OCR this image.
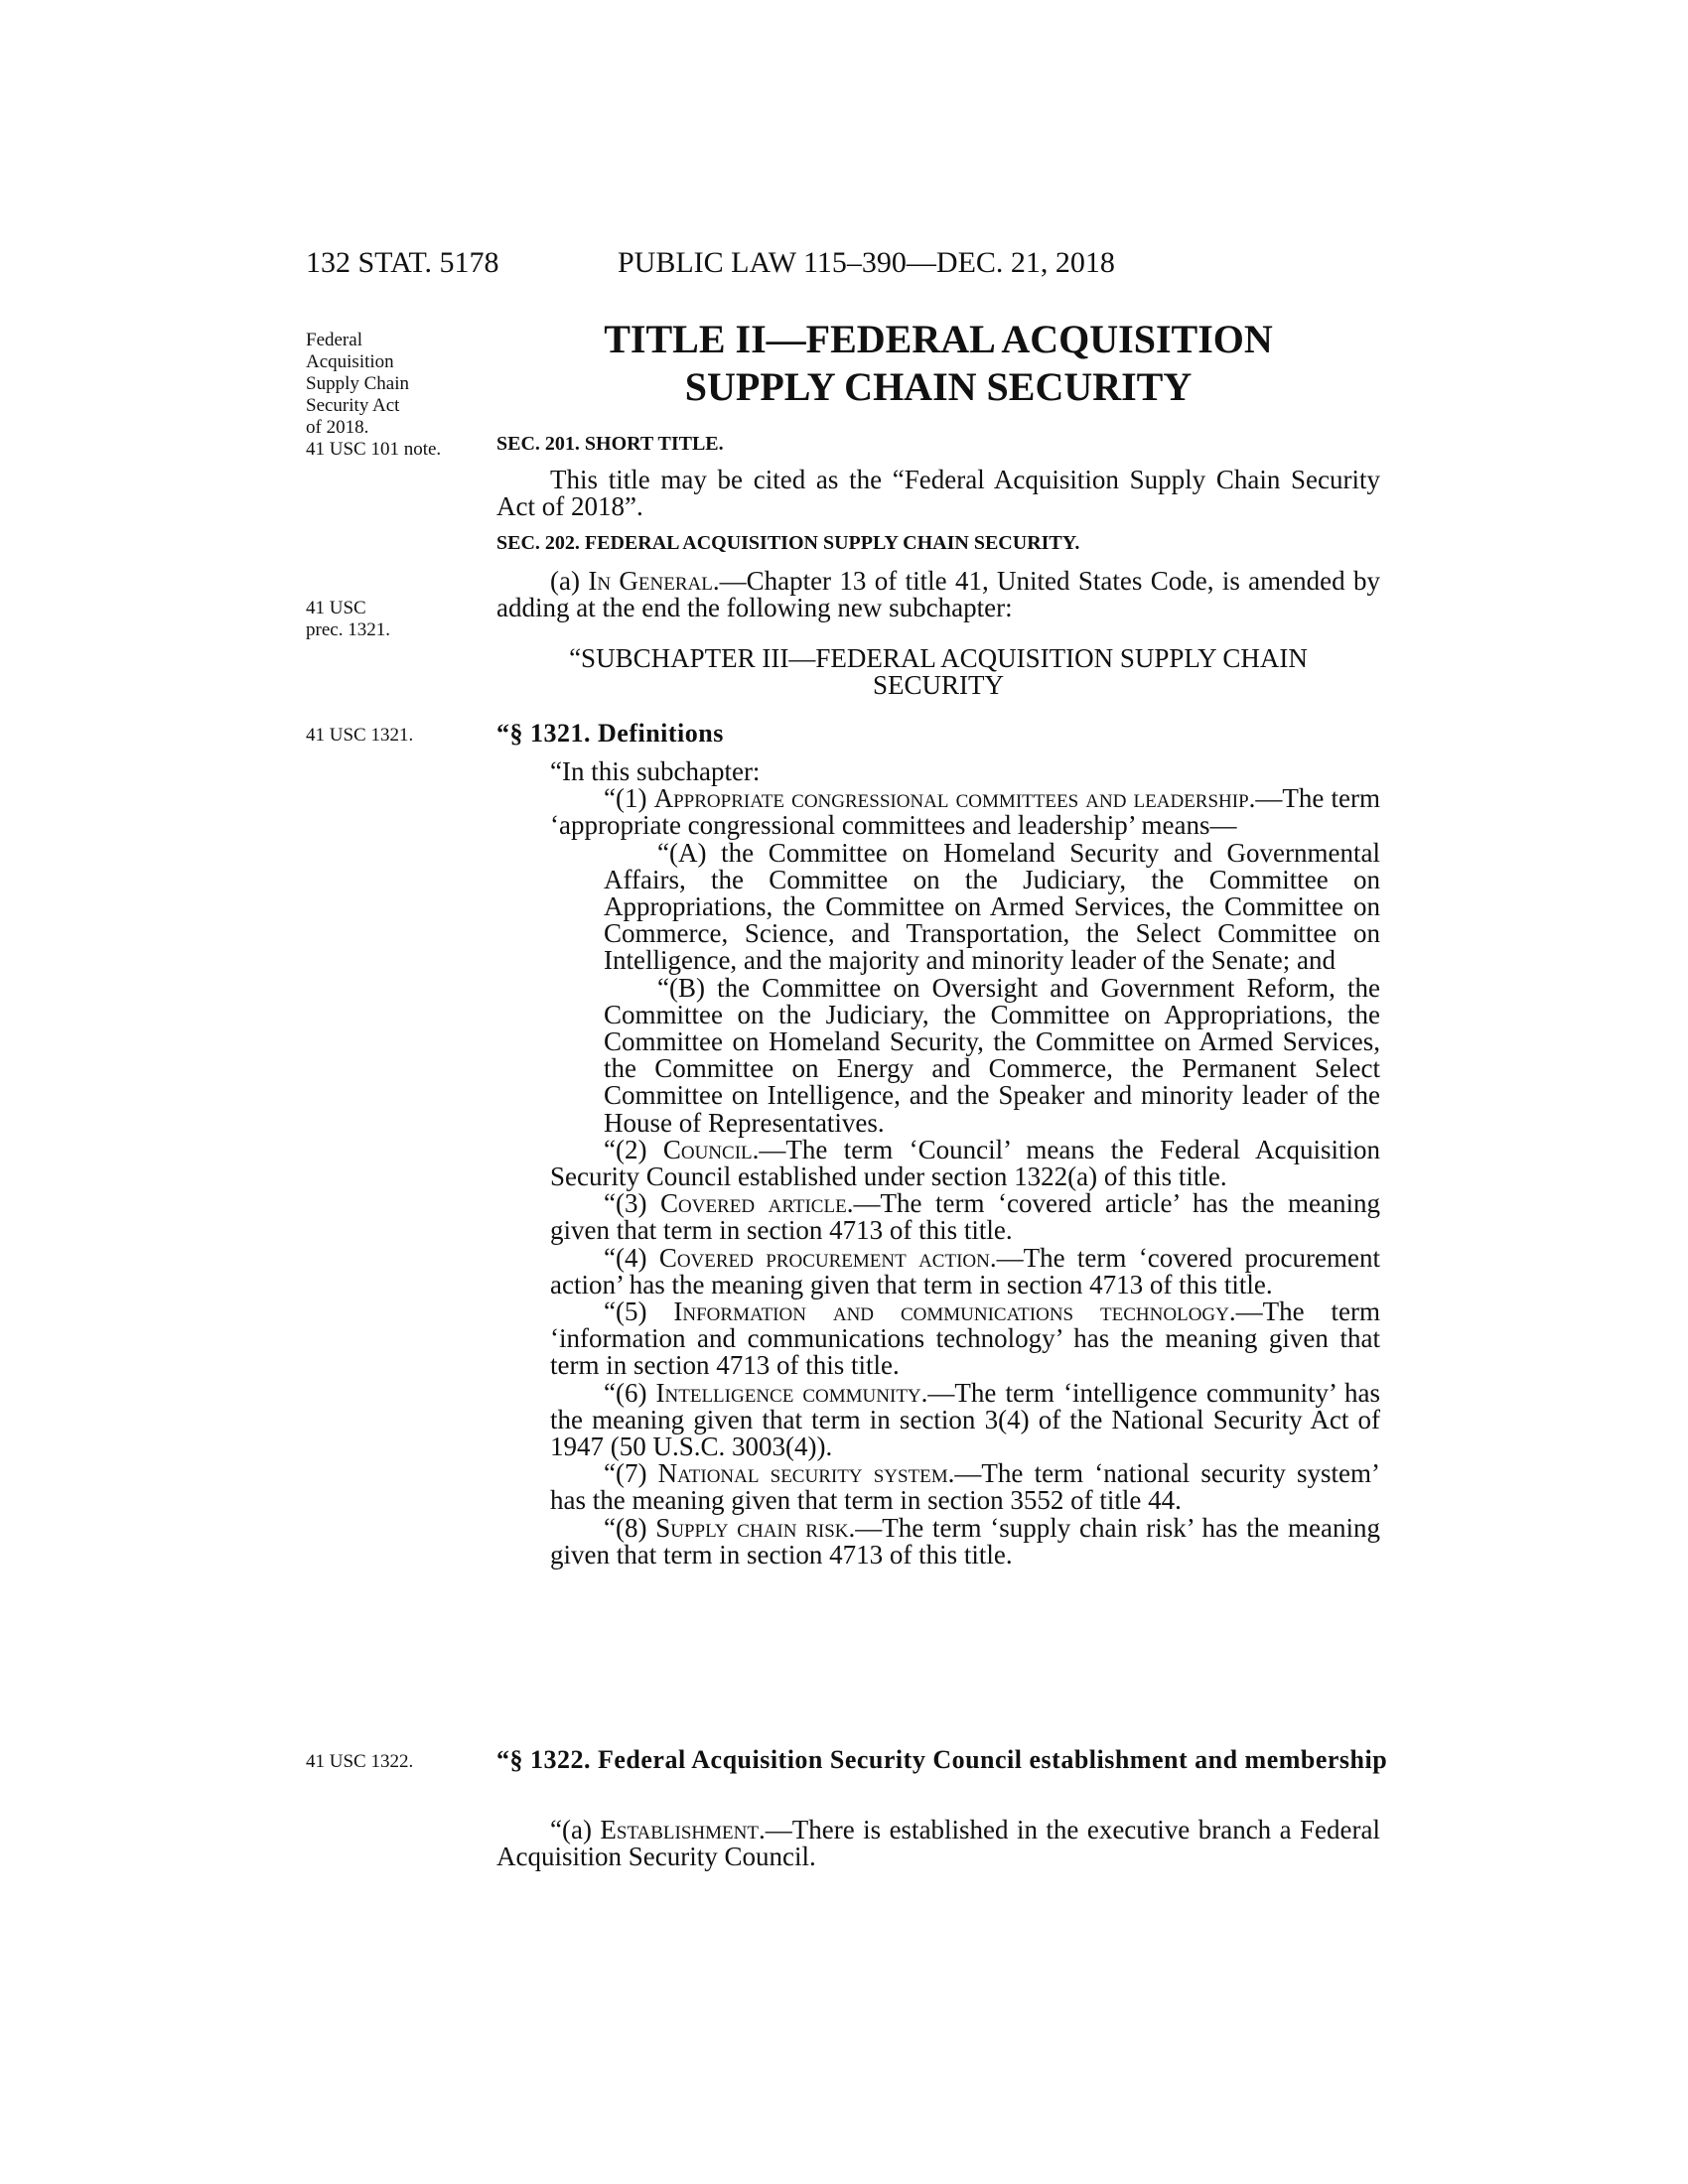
132 STAT. 5178	PUBLIC LAW 115–390—DEC. 21, 2018
Federal
Acquisition
Supply Chain
Security Act
of 2018.
41 USC 101 note.
41 USC
prec. 1321.
41 USC 1321.
41 USC 1322.
TITLE II—FEDERAL ACQUISITION
SUPPLY CHAIN SECURITY
SEC. 201. SHORT TITLE.
This title may be cited as the “Federal Acquisition Supply Chain Security Act of 2018”.
SEC. 202. FEDERAL ACQUISITION SUPPLY CHAIN SECURITY.
(a) In General.—Chapter 13 of title 41, United States Code, is amended by adding at the end the following new subchapter:
“SUBCHAPTER III—FEDERAL ACQUISITION SUPPLY CHAIN
SECURITY
“§ 1321. Definitions
“In this subchapter:
“(1) Appropriate congressional committees and leadership.—The term ‘appropriate congressional committees and leadership’ means—
“(A) the Committee on Homeland Security and Governmental Affairs, the Committee on the Judiciary, the Committee on Appropriations, the Committee on Armed Services, the Committee on Commerce, Science, and Transportation, the Select Committee on Intelligence, and the majority and minority leader of the Senate; and
“(B) the Committee on Oversight and Government Reform, the Committee on the Judiciary, the Committee on Appropriations, the Committee on Homeland Security, the Committee on Armed Services, the Committee on Energy and Commerce, the Permanent Select Committee on Intelligence, and the Speaker and minority leader of the House of Representatives.
“(2) Council.—The term ‘Council’ means the Federal Acquisition Security Council established under section 1322(a) of this title.
“(3) Covered article.—The term ‘covered article’ has the meaning given that term in section 4713 of this title.
“(4) Covered procurement action.—The term ‘covered procurement action’ has the meaning given that term in section 4713 of this title.
“(5) Information and communications technology.—The term ‘information and communications technology’ has the meaning given that term in section 4713 of this title.
“(6) Intelligence community.—The term ‘intelligence community’ has the meaning given that term in section 3(4) of the National Security Act of 1947 (50 U.S.C. 3003(4)).
“(7) National security system.—The term ‘national security system’ has the meaning given that term in section 3552 of title 44.
“(8) Supply chain risk.—The term ‘supply chain risk’ has the meaning given that term in section 4713 of this title.
“§ 1322. Federal Acquisition Security Council establishment and membership
“(a) Establishment.—There is established in the executive branch a Federal Acquisition Security Council.
